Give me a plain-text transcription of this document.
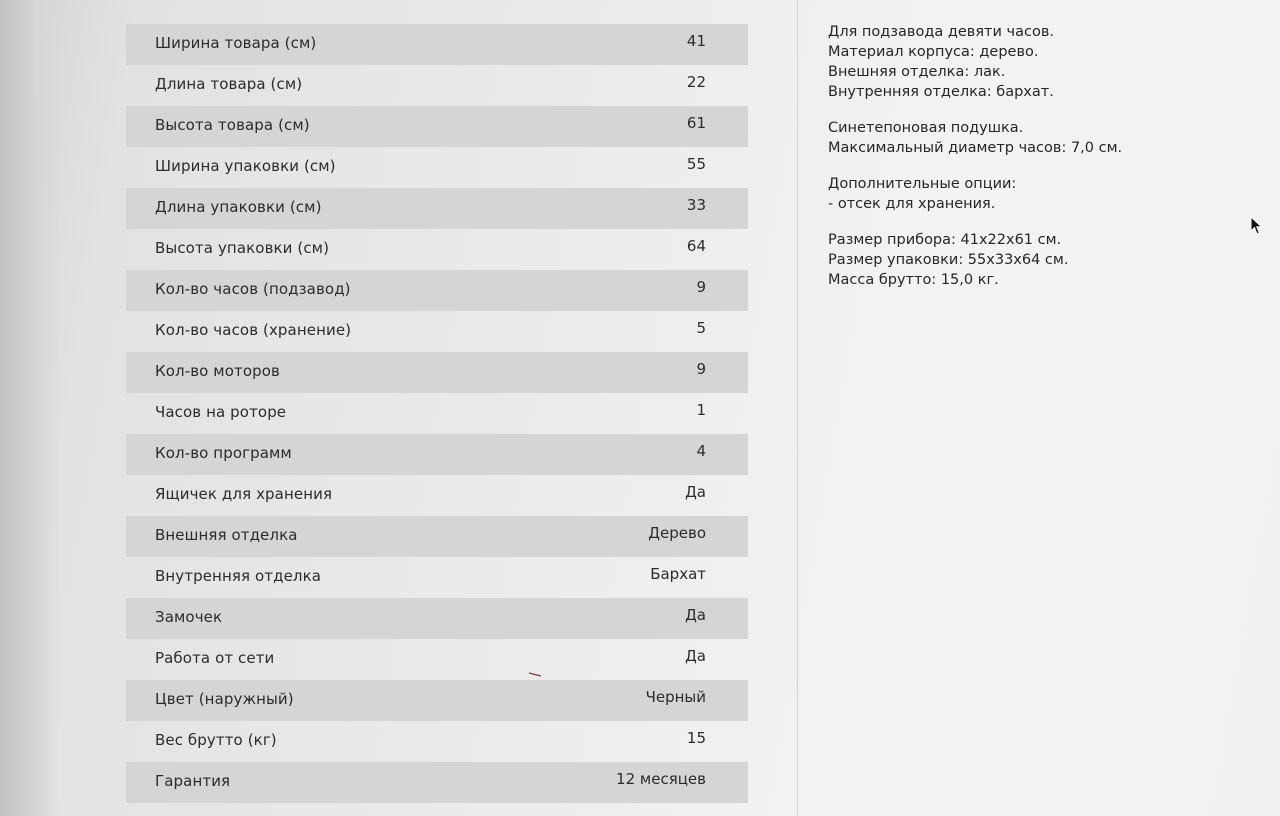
Ширина товара (см)	41
Длина товара (см)	22
Высота товара (см)	61
Ширина упаковки (см)	55
Длина упаковки (см)	33
Высота упаковки (см)	64
Кол-во часов (подзавод)	9
Кол-во часов (хранение)	5
Кол-во моторов	9
Часов на роторе	1
Кол-во программ	4
Ящичек для хранения	Да
Внешняя отделка	Дерево
Внутренняя отделка	Бархат
Замочек	Да
Работа от сети	Да
Цвет (наружный)	Черный
Вес брутто (кг)	15
Гарантия	12 месяцев
Для подзавода девяти часов.
Материал корпуса: дерево.
Внешняя отделка: лак.
Внутренняя отделка: бархат.
Синетепоновая подушка.
Максимальный диаметр часов: 7,0 см.
Дополнительные опции:
- отсек для хранения.
Размер прибора: 41x22x61 см.
Размер упаковки: 55x33x64 см.
Масса брутто: 15,0 кг.
